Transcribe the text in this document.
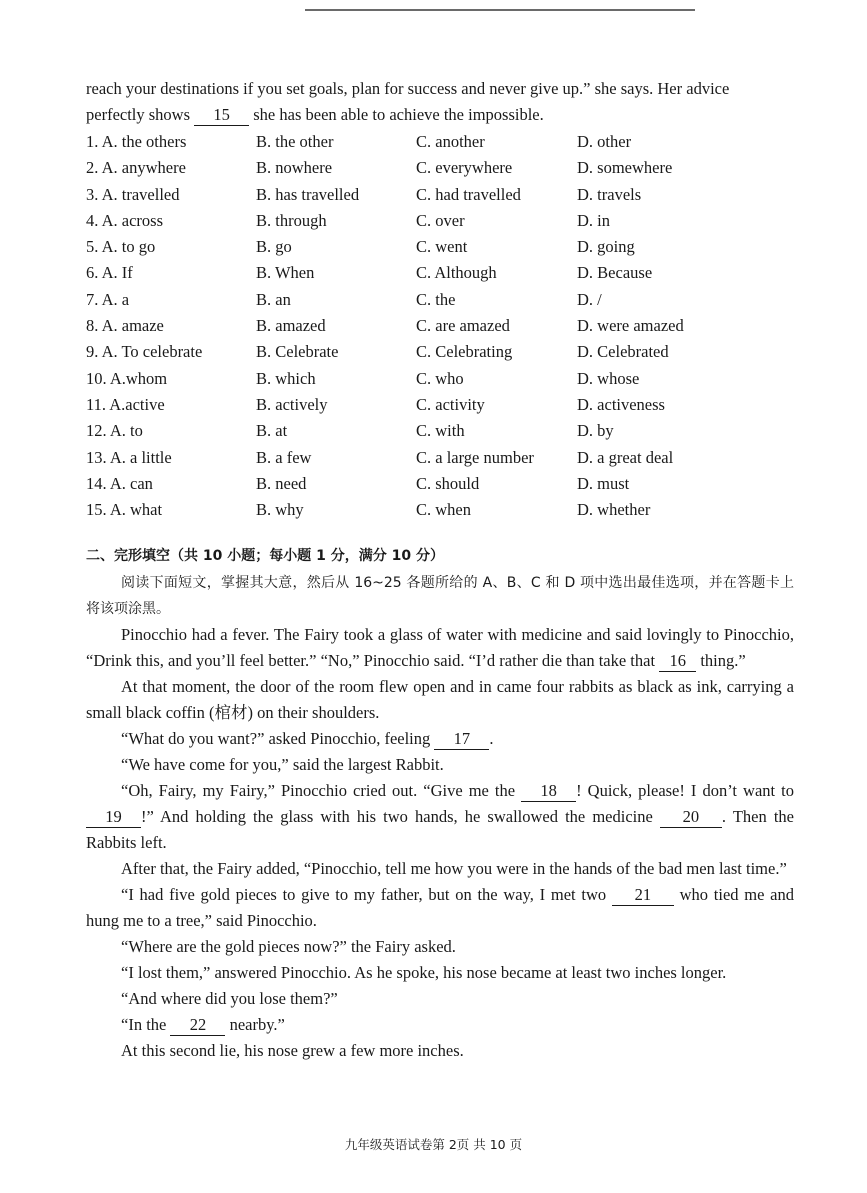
reach your destinations if you set goals, plan for success and never give up.” she says. Her advice

perfectly shows 15 she has been able to achieve the impossible.

1. A. the others	B. the other	C. another	D. other
2. A. anywhere	B. nowhere	C. everywhere	D. somewhere
3. A. travelled	B. has travelled	C. had travelled	D. travels
4. A. across	B. through	C. over	D. in
5. A. to go	B. go	C. went	D. going
6. A. If	B. When	C. Although	D. Because
7. A. a	B. an	C. the	D. /
8. A. amaze	B. amazed	C. are amazed	D. were amazed
9. A. To celebrate	B. Celebrate	C. Celebrating	D. Celebrated
10. A.whom	B. which	C. who	D. whose
11. A.active	B. actively	C. activity	D. activeness
12. A. to	B. at	C. with	D. by
13. A. a little	B. a few	C. a large number	D. a great deal
14. A. can	B. need	C. should	D. must
15. A. what	B. why	C. when	D. whether

二、完形填空（共 10 小题；每小题 1 分，满分 10 分）

阅读下面短文，掌握其大意，然后从 16~25 各题所给的 A、B、C 和 D 项中选出最佳选项，并在答题卡上将该项涂黑。

Pinocchio had a fever. The Fairy took a glass of water with medicine and said lovingly to Pinocchio, “Drink this, and you’ll feel better.” “No,” Pinocchio said. “I’d rather die than take that 16 thing.”

At that moment, the door of the room flew open and in came four rabbits as black as ink, carrying a small black coffin (棺材) on their shoulders.

“What do you want?” asked Pinocchio, feeling 17 .

“We have come for you,” said the largest Rabbit.

“Oh, Fairy, my Fairy,” Pinocchio cried out. “Give me the 18 ! Quick, please! I don’t want to 19 !” And holding the glass with his two hands, he swallowed the medicine 20 . Then the Rabbits left.

After that, the Fairy added, “Pinocchio, tell me how you were in the hands of the bad men last time.”

“I had five gold pieces to give to my father, but on the way, I met two 21 who tied me and hung me to a tree,” said Pinocchio.

“Where are the gold pieces now?” the Fairy asked.

“I lost them,” answered Pinocchio. As he spoke, his nose became at least two inches longer.

“And where did you lose them?”

“In the 22 nearby.”

At this second lie, his nose grew a few more inches.

九年级英语试卷第 2页 共 10 页
